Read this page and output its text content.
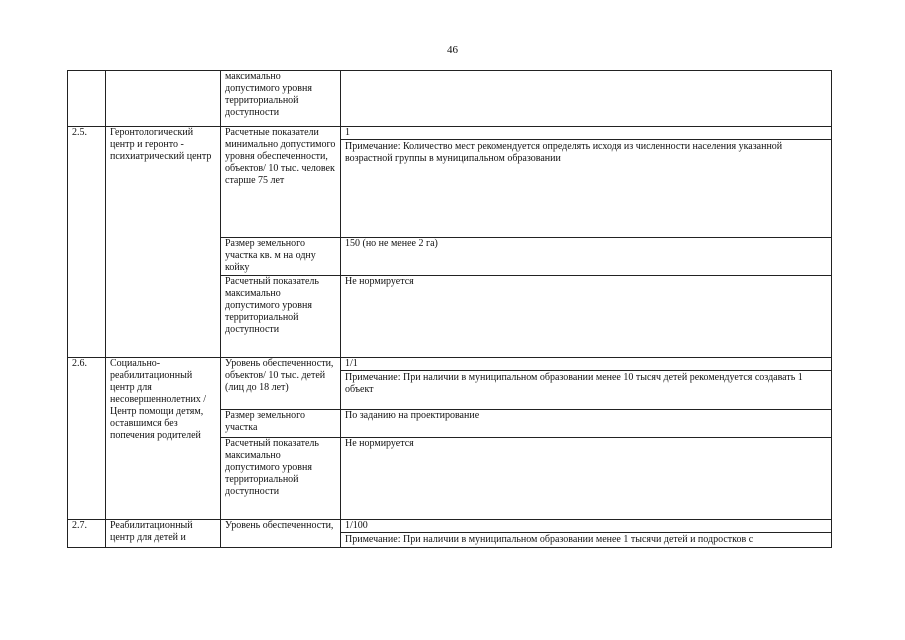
46
		максимально допустимого уровня территориальной доступности	
2.5.	Геронтологический центр и геронто - психиатрический центр	Расчетные показатели минимально допустимого уровня обеспеченности, объектов/ 10 тыс. человек старше 75 лет	1
Примечание: Количество мест рекомендуется определять исходя из численности населения указанной возрастной группы в муниципальном образовании

		Размер земельного участка кв. м на одну койку	150 (но не менее 2 га)
		Расчетный показатель максимально допустимого уровня территориальной доступности	Не нормируется
2.6.	Социально-реабилитационный центр для несовершеннолетних / Центр помощи детям, оставшимся без попечения родителей	Уровень обеспеченности, объектов/ 10 тыс. детей (лиц до 18 лет)	1/1
Примечание: При наличии в муниципальном образовании менее 10 тысяч детей рекомендуется создавать 1 объект

		Размер земельного участка	По заданию на проектирование
		Расчетный показатель максимально допустимого уровня территориальной доступности	Не нормируется
2.7.	Реабилитационный центр для детей и	Уровень обеспеченности,	1/100
Примечание: При наличии в муниципальном образовании менее 1 тысячи детей и подростков с
